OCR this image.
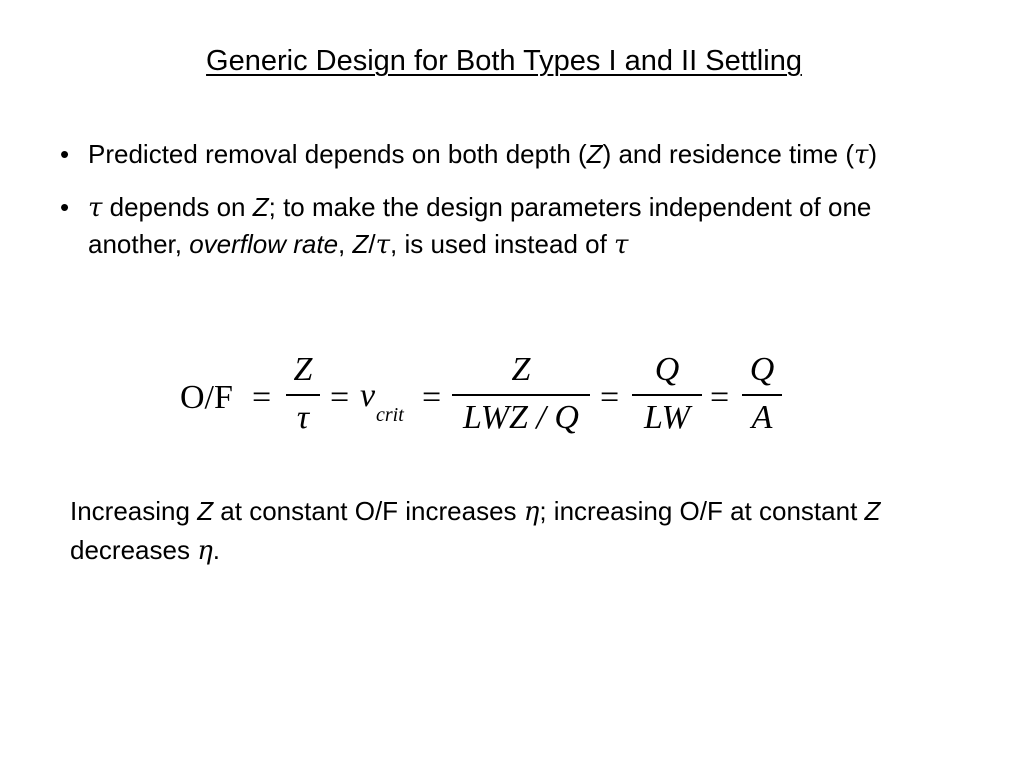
Generic Design for Both Types I and II Settling
• Predicted removal depends on both depth (Z) and residence time (τ)
• τ depends on Z; to make the design parameters independent of one another, overflow rate, Z/τ, is used instead of τ
O/F =
Z
τ
= v
crit =
Z
LWZ / Q
=
Q
LW
=
Q
A
Increasing Z at constant O/F increases η; increasing O/F at constant Z decreases η.
